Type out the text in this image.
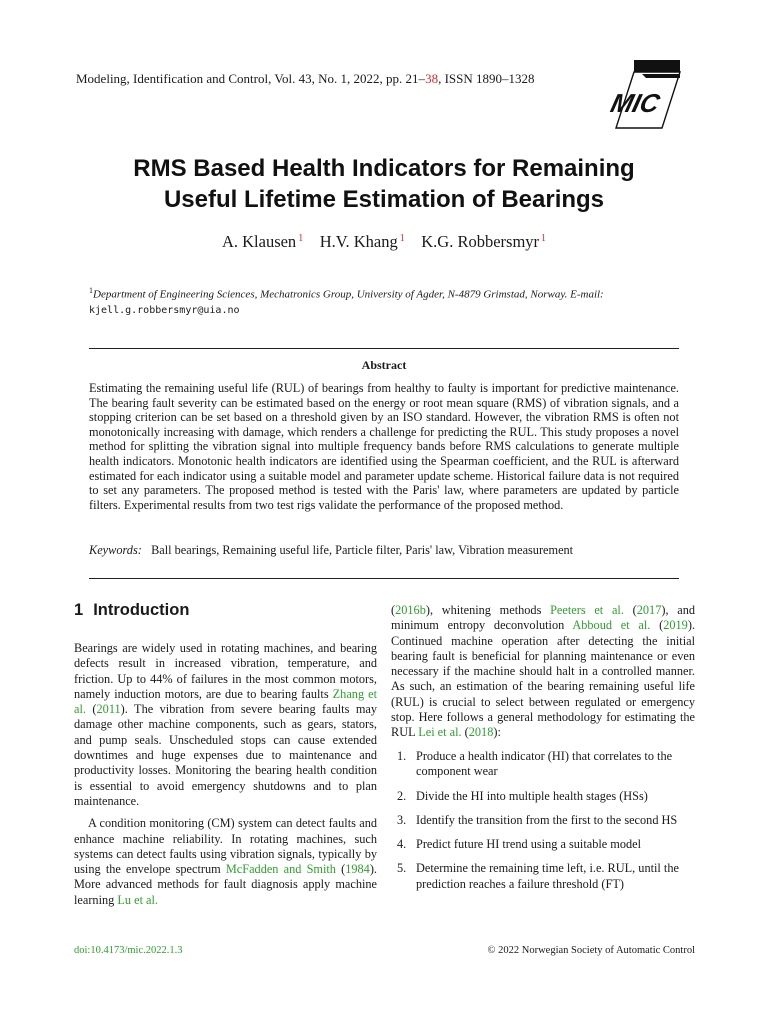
Modeling, Identification and Control, Vol. 43, No. 1, 2022, pp. 21–38, ISSN 1890–1328
MIC
RMS Based Health Indicators for Remaining
Useful Lifetime Estimation of Bearings
A. Klausen $^1$ H.V. Khang $^1$ K.G. Robbersmyr $^1$
$^1$Department of Engineering Sciences, Mechatronics Group, University of Agder, N-4879 Grimstad, Norway. E-mail: kjell.g.robbersmyr@uia.no
Abstract
Estimating the remaining useful life (RUL) of bearings from healthy to faulty is important for predictive maintenance. The bearing fault severity can be estimated based on the energy or root mean square (RMS) of vibration signals, and a stopping criterion can be set based on a threshold given by an ISO standard. However, the vibration RMS is often not monotonically increasing with damage, which renders a challenge for predicting the RUL. This study proposes a novel method for splitting the vibration signal into multiple frequency bands before RMS calculations to generate multiple health indicators. Monotonic health indicators are identified using the Spearman coefficient, and the RUL is afterward estimated for each indicator using a suitable model and parameter update scheme. Historical failure data is not required to set any parameters. The proposed method is tested with the Paris' law, where parameters are updated by particle filters. Experimental results from two test rigs validate the performance of the proposed method.
Keywords: Ball bearings, Remaining useful life, Particle filter, Paris' law, Vibration measurement
1 Introduction

Bearings are widely used in rotating machines, and bearing defects result in increased vibration, temperature, and friction. Up to 44% of failures in the most common motors, namely induction motors, are due to bearing faults Zhang et al. (2011). The vibration from severe bearing faults may damage other machine components, such as gears, stators, and pump seals. Unscheduled stops can cause extended downtimes and huge expenses due to maintenance and productivity losses. Monitoring the bearing health condition is essential to avoid emergency shutdowns and to plan maintenance.

A condition monitoring (CM) system can detect faults and enhance machine reliability. In rotating machines, such systems can detect faults using vibration signals, typically by using the envelope spectrum McFadden and Smith (1984). More advanced methods for fault diagnosis apply machine learning Lu et al.

(2016b), whitening methods Peeters et al. (2017), and minimum entropy deconvolution Abboud et al. (2019). Continued machine operation after detecting the initial bearing fault is beneficial for planning maintenance or even necessary if the machine should halt in a controlled manner. As such, an estimation of the bearing remaining useful life (RUL) is crucial to select between regulated or emergency stop. Here follows a general methodology for estimating the RUL Lei et al. (2018):

1. Produce a health indicator (HI) that correlates to the component wear
2. Divide the HI into multiple health stages (HSs)
3. Identify the transition from the first to the second HS
4. Predict future HI trend using a suitable model
5. Determine the remaining time left, i.e. RUL, until the prediction reaches a failure threshold (FT)
doi:10.4173/mic.2022.1.3	© 2022 Norwegian Society of Automatic Control
